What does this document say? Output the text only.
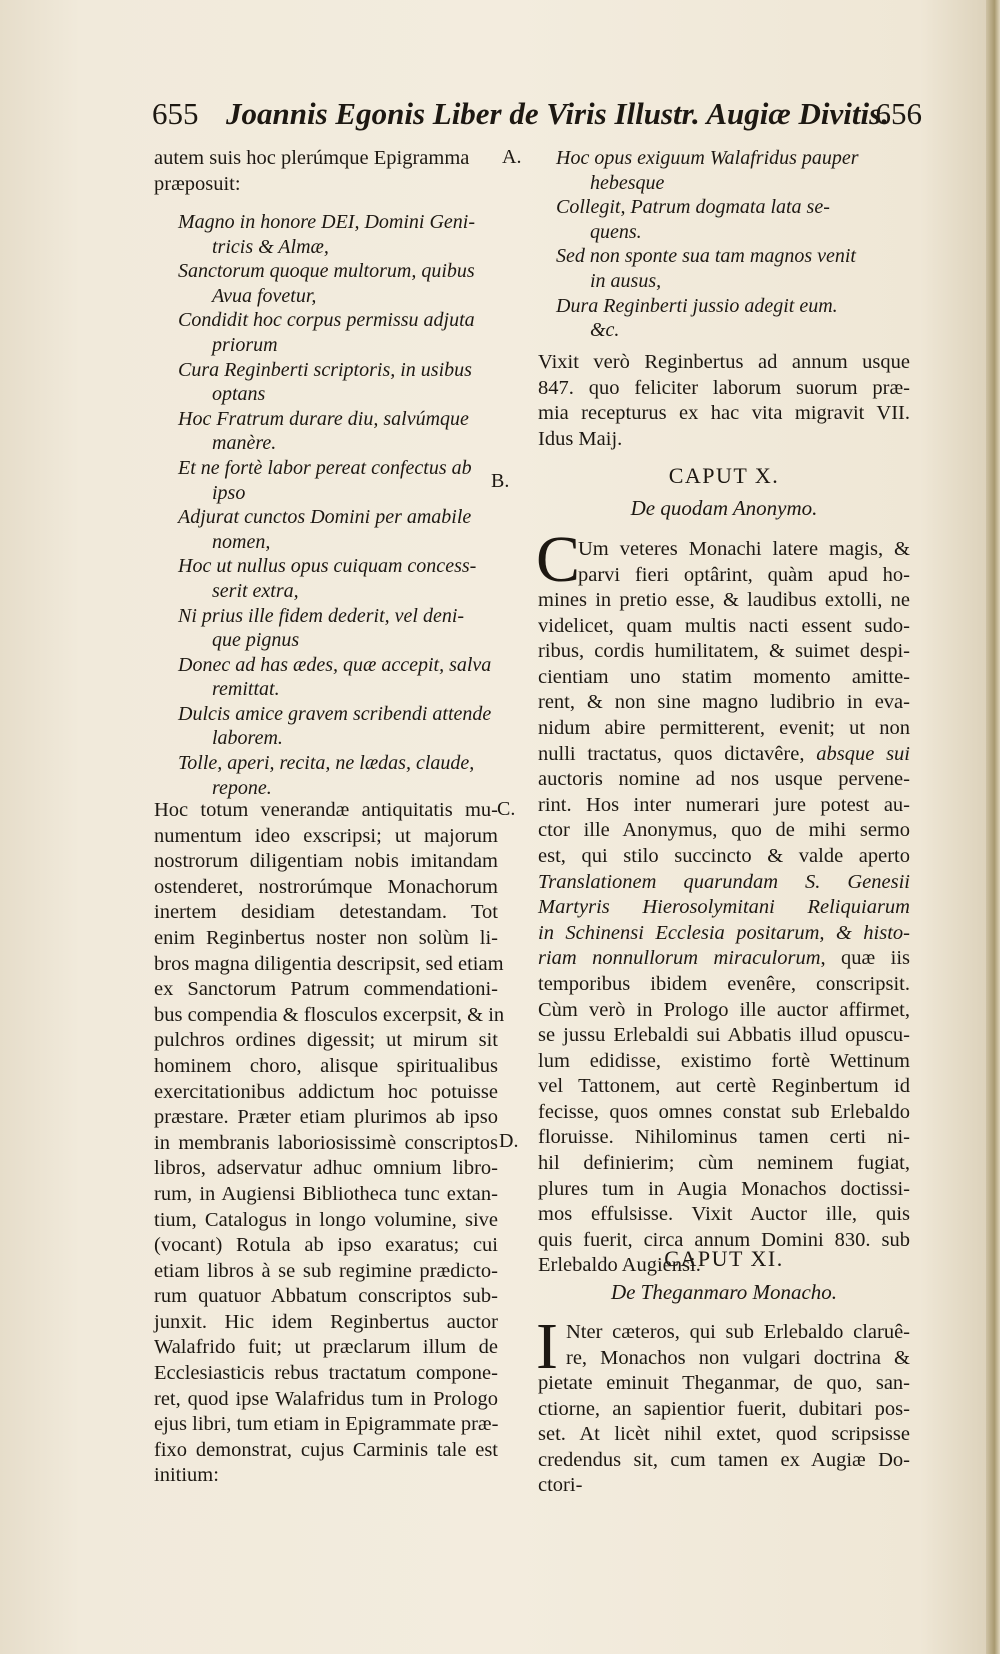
655 Joannis Egonis Liber de Viris Illustr. Augiæ Divitis.
656
autem suis hoc plerúmque Epigramma
præposuit:
A.
Magno in honore DEI, Domini Geni-
tricis & Almæ,
Sanctorum quoque multorum, quibus
Avua fovetur,
Condidit hoc corpus permissu adjuta
priorum
Cura Reginberti scriptoris, in usibus
optans
Hoc Fratrum durare diu, salvúmque
manère.
Et ne fortè labor pereat confectus ab
ipso
Adjurat cunctos Domini per amabile
nomen,
Hoc ut nullus opus cuiquam concess-
serit extra,
Ni prius ille fidem dederit, vel deni-
que pignus
Donec ad has ædes, quæ accepit, salva
remittat.
Dulcis amice gravem scribendi attende
laborem.
Tolle, aperi, recita, ne lædas, claude,
repone.
B.
Hoc totum venerandæ antiquitatis mu-
numentum ideo exscripsi; ut majorum
nostrorum diligentiam nobis imitandam
ostenderet, nostrorúmque Monachorum
inertem desidiam detestandam. Tot
enim Reginbertus noster non solùm li-
bros magna diligentia descripsit, sed etiam
ex Sanctorum Patrum commendationi-
bus compendia & flosculos excerpsit, & in
pulchros ordines digessit; ut mirum sit
hominem choro, alisque spiritualibus
exercitationibus addictum hoc potuisse
præstare. Præter etiam plurimos ab ipso
in membranis laboriosissimè conscriptos
libros, adservatur adhuc omnium libro-
rum, in Augiensi Bibliotheca tunc extan-
tium, Catalogus in longo volumine, sive
(vocant) Rotula ab ipso exaratus; cui
etiam libros à se sub regimine prædicto-
rum quatuor Abbatum conscriptos sub-
junxit. Hic idem Reginbertus auctor
Walafrido fuit; ut præclarum illum de
Ecclesiasticis rebus tractatum compone-
ret, quod ipse Walafridus tum in Prologo
ejus libri, tum etiam in Epigrammate præ-
fixo demonstrat, cujus Carminis tale est
initium:
C.
D.
Hoc opus exiguum Walafridus pauper
hebesque
Collegit, Patrum dogmata lata se-
quens.
Sed non sponte sua tam magnos venit
in ausus,
Dura Reginberti jussio adegit eum.
&c.
Vixit verò Reginbertus ad annum usque
847. quo feliciter laborum suorum præ-
mia recepturus ex hac vita migravit VII.
Idus Maij.
CAPUT X.
De quodam Anonymo.
C
Um veteres Monachi latere magis, &
parvi fieri optârint, quàm apud ho-
mines in pretio esse, & laudibus extolli, ne
videlicet, quam multis nacti essent sudo-
ribus, cordis humilitatem, & suimet despi-
cientiam uno statim momento amitte-
rent, & non sine magno ludibrio in eva-
nidum abire permitterent, evenit; ut non
nulli tractatus, quos dictavêre, absque sui
auctoris nomine ad nos usque pervene-
rint. Hos inter numerari jure potest au-
ctor ille Anonymus, quo de mihi sermo
est, qui stilo succincto & valde aperto
Translationem quarundam S. Genesii
Martyris Hierosolymitani Reliquiarum
in Schinensi Ecclesia positarum, & histo-
riam nonnullorum miraculorum, quæ iis
temporibus ibidem evenêre, conscripsit.
Cùm verò in Prologo ille auctor affirmet,
se jussu Erlebaldi sui Abbatis illud opuscu-
lum edidisse, existimo fortè Wettinum
vel Tattonem, aut certè Reginbertum id
fecisse, quos omnes constat sub Erlebaldo
floruisse. Nihilominus tamen certi ni-
hil definierim; cùm neminem fugiat,
plures tum in Augia Monachos doctissi-
mos effulsisse. Vixit Auctor ille, quis
quis fuerit, circa annum Domini 830. sub
Erlebaldo Augiensi.
CAPUT XI.
De Theganmaro Monacho.
I Nter cæteros, qui sub Erlebaldo claruê-
re, Monachos non vulgari doctrina &
pietate eminuit Theganmar, de quo, san-
ctiorne, an sapientior fuerit, dubitari pos-
set. At licèt nihil extet, quod scripsisse
credendus sit, cum tamen ex Augiæ Do-
ctori-
